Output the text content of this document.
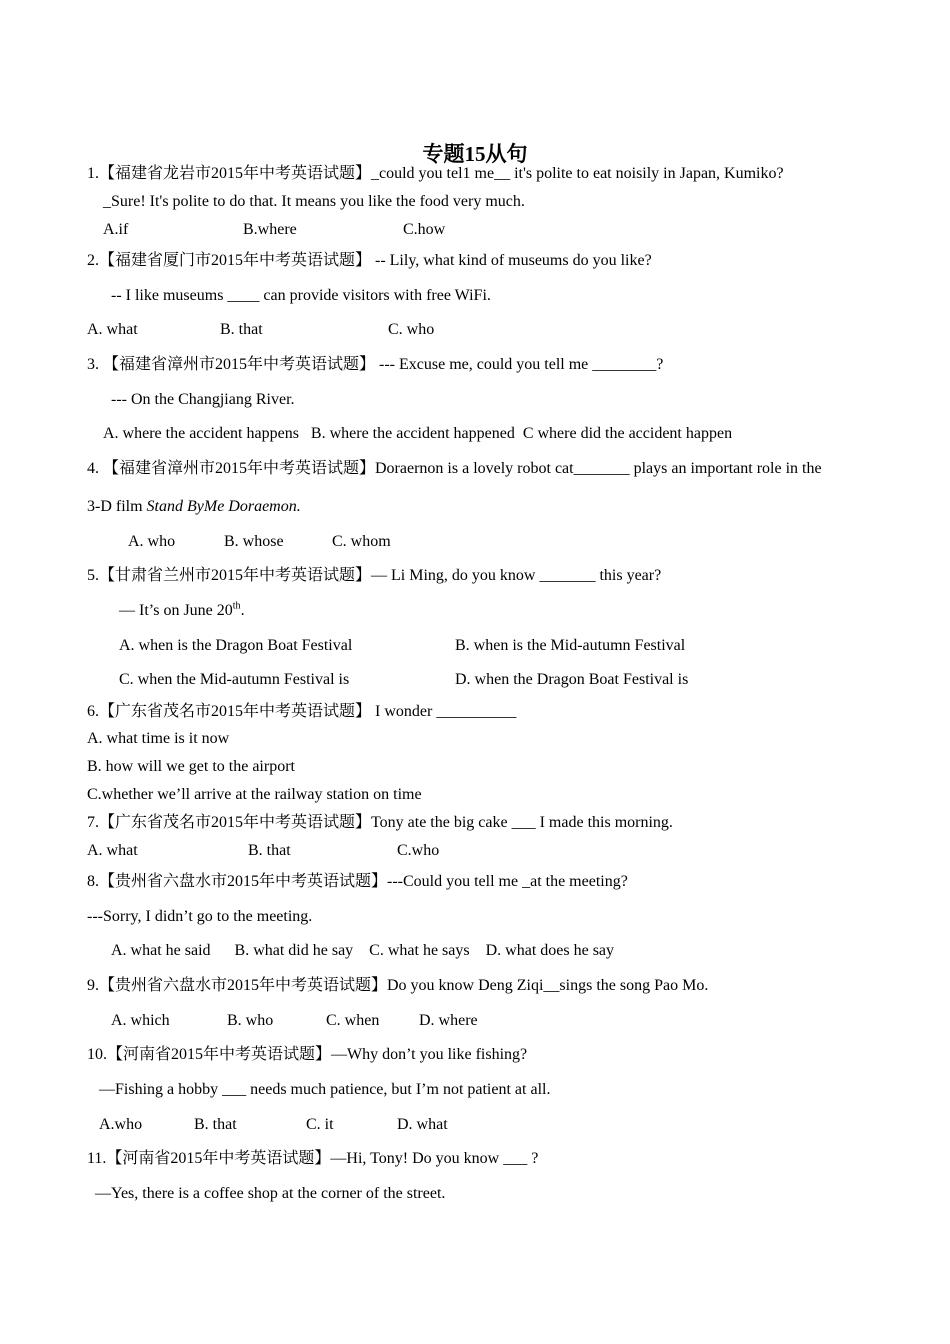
专题15从句
1.【福建省龙岩市2015年中考英语试题】_could you tel1 me__ it's polite to eat noisily in Japan, Kumiko?
_Sure! It's polite to do that. It means you like the food very much.
A.if	B.where	C.how
2.【福建省厦门市2015年中考英语试题】 -- Lily, what kind of museums do you like?
-- I like museums ____ can provide visitors with free WiFi.
A. what	B. that	C. who
3. 【福建省漳州市2015年中考英语试题】 --- Excuse me, could you tell me ________?
--- On the Changjiang River.
A. where the accident happens   B. where the accident happened  C where did the accident happen
4. 【福建省漳州市2015年中考英语试题】Doraernon is a lovely robot cat_______ plays an important role in the
3-D film Stand ByMe Doraemon.
A. who	B. whose	C. whom
5.【甘肃省兰州市2015年中考英语试题】— Li Ming, do you know _______ this year?
— It’s on June 20th.
A. when is the Dragon Boat Festival	B. when is the Mid-autumn Festival
C. when the Mid-autumn Festival is	D. when the Dragon Boat Festival is
6.【广东省茂名市2015年中考英语试题】 I wonder __________
A. what time is it now
B. how will we get to the airport
C.whether we’ll arrive at the railway station on time
7.【广东省茂名市2015年中考英语试题】Tony ate the big cake ___ I made this morning.
A. what	B. that	C.who
8.【贵州省六盘水市2015年中考英语试题】---Could you tell me _at the meeting?
---Sorry, I didn’t go to the meeting.
A. what he said      B. what did he say    C. what he says    D. what does he say
9.【贵州省六盘水市2015年中考英语试题】Do you know Deng Ziqi__sings the song Pao Mo.
A. which	B. who	C. when D. where
10.【河南省2015年中考英语试题】—Why don’t you like fishing?
—Fishing a hobby ___ needs much patience, but I’m not patient at all.
A.who	B. that	C. it	D. what
11.【河南省2015年中考英语试题】—Hi, Tony! Do you know ___ ?
—Yes, there is a coffee shop at the corner of the street.
